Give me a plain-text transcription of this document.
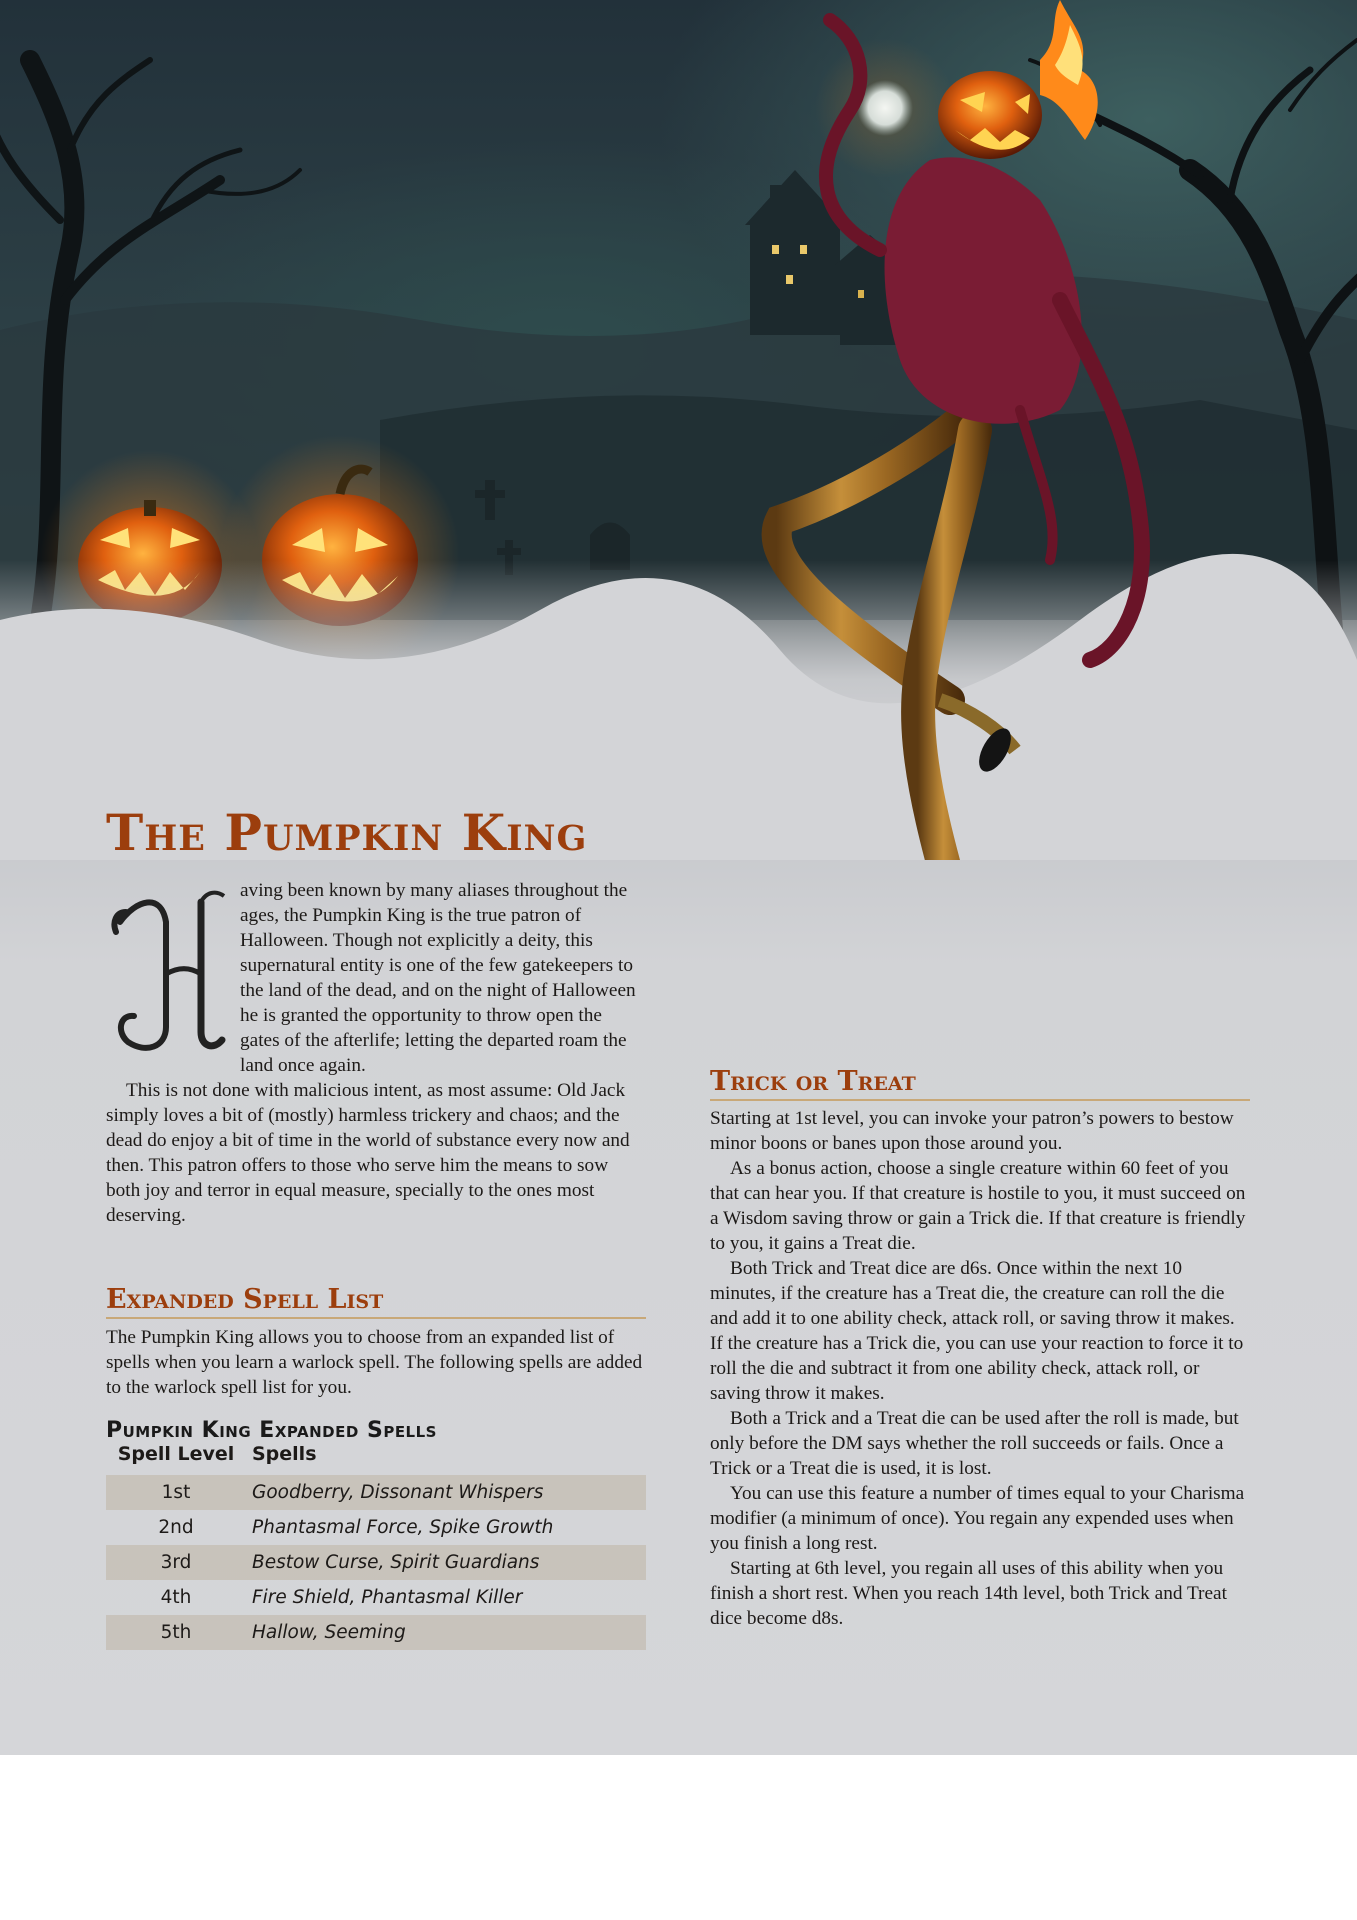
The Pumpkin King

aving been known by many aliases throughout the ages, the Pumpkin King is the true patron of Halloween. Though not explicitly a deity, this supernatural entity is one of the few gatekeepers to the land of the dead, and on the night of Halloween he is granted the opportunity to throw open the gates of the afterlife; letting the departed roam the land once again.

This is not done with malicious intent, as most assume: Old Jack simply loves a bit of (mostly) harmless trickery and chaos; and the dead do enjoy a bit of time in the world of substance every now and then. This patron offers to those who serve him the means to sow both joy and terror in equal measure, specially to the ones most deserving.

Expanded Spell List

The Pumpkin King allows you to choose from an expanded list of spells when you learn a warlock spell. The following spells are added to the warlock spell list for you.

Pumpkin King Expanded Spells
Spell Level	Spells
1st	Goodberry, Dissonant Whispers
2nd	Phantasmal Force, Spike Growth
3rd	Bestow Curse, Spirit Guardians
4th	Fire Shield, Phantasmal Killer
5th	Hallow, Seeming
Trick or Treat

Starting at 1st level, you can invoke your patron’s powers to bestow minor boons or banes upon those around you.

As a bonus action, choose a single creature within 60 feet of you that can hear you. If that creature is hostile to you, it must succeed on a Wisdom saving throw or gain a Trick die. If that creature is friendly to you, it gains a Treat die.

Both Trick and Treat dice are d6s. Once within the next 10 minutes, if the creature has a Treat die, the creature can roll the die and add it to one ability check, attack roll, or saving throw it makes. If the creature has a Trick die, you can use your reaction to force it to roll the die and subtract it from one ability check, attack roll, or saving throw it makes.

Both a Trick and a Treat die can be used after the roll is made, but only before the DM says whether the roll succeeds or fails. Once a Trick or a Treat die is used, it is lost.

You can use this feature a number of times equal to your Charisma modifier (a minimum of once). You regain any expended uses when you finish a long rest.

Starting at 6th level, you regain all uses of this ability when you finish a short rest. When you reach 14th level, both Trick and Treat dice become d8s.
